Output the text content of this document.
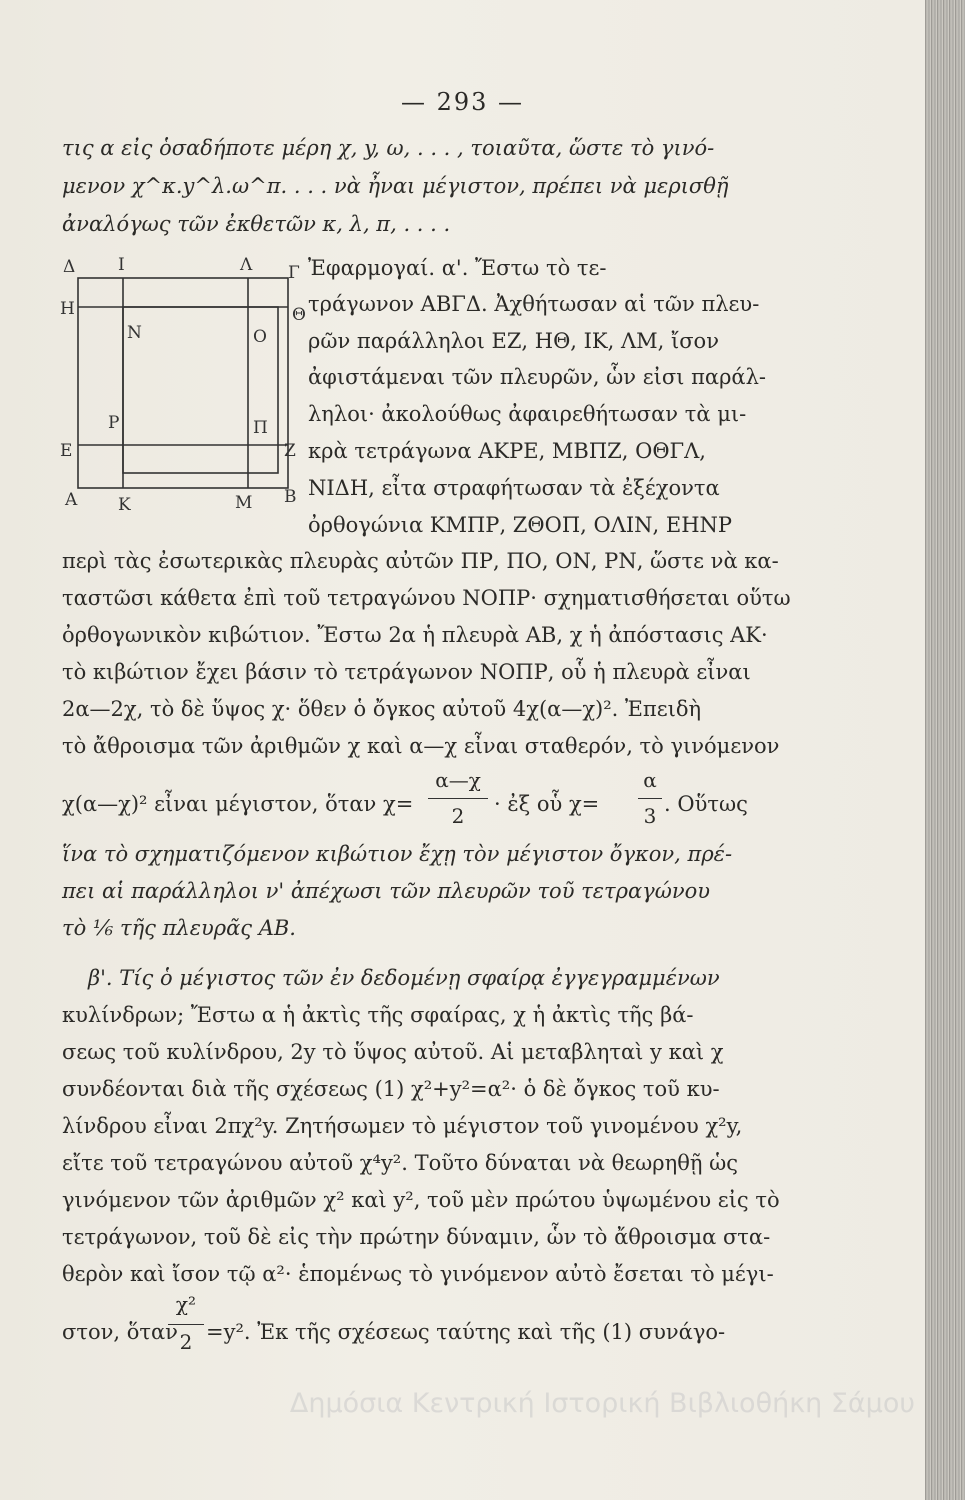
— 293 —
τις α εἰς ὁσαδήποτε μέρη χ, y, ω, . . . , τοιαῦτα, ὥστε τὸ γινό-
μενον χ^κ.y^λ.ω^π. . . . νὰ ἦναι μέγιστον, πρέπει νὰ μερισθῇ
ἀναλόγως τῶν ἐκθετῶν κ, λ, π, . . . .
Δ	Ι	Λ Γ
Η
Ν	Ο
Θ
Ρ	Π
Ε	Ζ
Α Κ	Μ Β
Ἐφαρμογαί. α'. Ἔστω τὸ τε-
τράγωνον ΑΒΓΔ. Ἀχθήτωσαν αἱ τῶν πλευ-
ρῶν παράλληλοι ΕΖ, ΗΘ, ΙΚ, ΛΜ, ἴσον
ἀφιστάμεναι τῶν πλευρῶν, ὧν εἰσι παράλ-
ληλοι· ἀκολούθως ἀφαιρεθήτωσαν τὰ μι-
κρὰ τετράγωνα ΑΚΡΕ, ΜΒΠΖ, ΟΘΓΛ,
ΝΙΔΗ, εἶτα στραφήτωσαν τὰ ἐξέχοντα
ὀρθογώνια ΚΜΠΡ, ΖΘΟΠ, ΟΛΙΝ, ΕΗΝΡ
περὶ τὰς ἐσωτερικὰς πλευρὰς αὐτῶν ΠΡ, ΠΟ, ΟΝ, ΡΝ, ὥστε νὰ κα-
ταστῶσι κάθετα ἐπὶ τοῦ τετραγώνου ΝΟΠΡ· σχηματισθήσεται οὕτω
ὀρθογωνικὸν κιβώτιον. Ἔστω 2α ἡ πλευρὰ ΑΒ, χ ἡ ἀπόστασις ΑΚ·
τὸ κιβώτιον ἔχει βάσιν τὸ τετράγωνον ΝΟΠΡ, οὗ ἡ πλευρὰ εἶναι
2α—2χ, τὸ δὲ ὕψος χ· ὅθεν ὁ ὄγκος αὐτοῦ 4χ(α—χ)². Ἐπειδὴ
τὸ ἄθροισμα τῶν ἀριθμῶν χ καὶ α—χ εἶναι σταθερόν, τὸ γινόμενον
χ(α—χ)² εἶναι μέγιστον, ὅταν χ=
α—χ
2	· ἐξ οὗ χ=
α
3 . Οὕτως
ἵνα τὸ σχηματιζόμενον κιβώτιον ἔχῃ τὸν μέγιστον ὄγκον, πρέ-
πει αἱ παράλληλοι ν' ἀπέχωσι τῶν πλευρῶν τοῦ τετραγώνου
τὸ ⅙ τῆς πλευρᾶς ΑΒ.
β'. Τίς ὁ μέγιστος τῶν ἐν δεδομένῃ σφαίρᾳ ἐγγεγραμμένων
κυλίνδρων; Ἔστω α ἡ ἀκτὶς τῆς σφαίρας, χ ἡ ἀκτὶς τῆς βά-
σεως τοῦ κυλίνδρου, 2y τὸ ὕψος αὐτοῦ. Αἱ μεταβληταὶ y καὶ χ
συνδέονται διὰ τῆς σχέσεως (1) χ²+y²=α²· ὁ δὲ ὄγκος τοῦ κυ-
λίνδρου εἶναι 2πχ²y. Ζητήσωμεν τὸ μέγιστον τοῦ γινομένου χ²y,
εἴτε τοῦ τετραγώνου αὐτοῦ χ⁴y². Τοῦτο δύναται νὰ θεωρηθῇ ὡς
γινόμενον τῶν ἀριθμῶν χ² καὶ y², τοῦ μὲν πρώτου ὑψωμένου εἰς τὸ
τετράγωνον, τοῦ δὲ εἰς τὴν πρώτην δύναμιν, ὧν τὸ ἄθροισμα στα-
θερὸν καὶ ἴσον τῷ α²· ἑπομένως τὸ γινόμενον αὐτὸ ἔσεται τὸ μέγι-
στον, ὅταν
χ²
2 =y². Ἐκ τῆς σχέσεως ταύτης καὶ τῆς (1) συνάγο-
Δημόσια Κεντρική Ιστορική Βιβλιοθήκη Σάμου
